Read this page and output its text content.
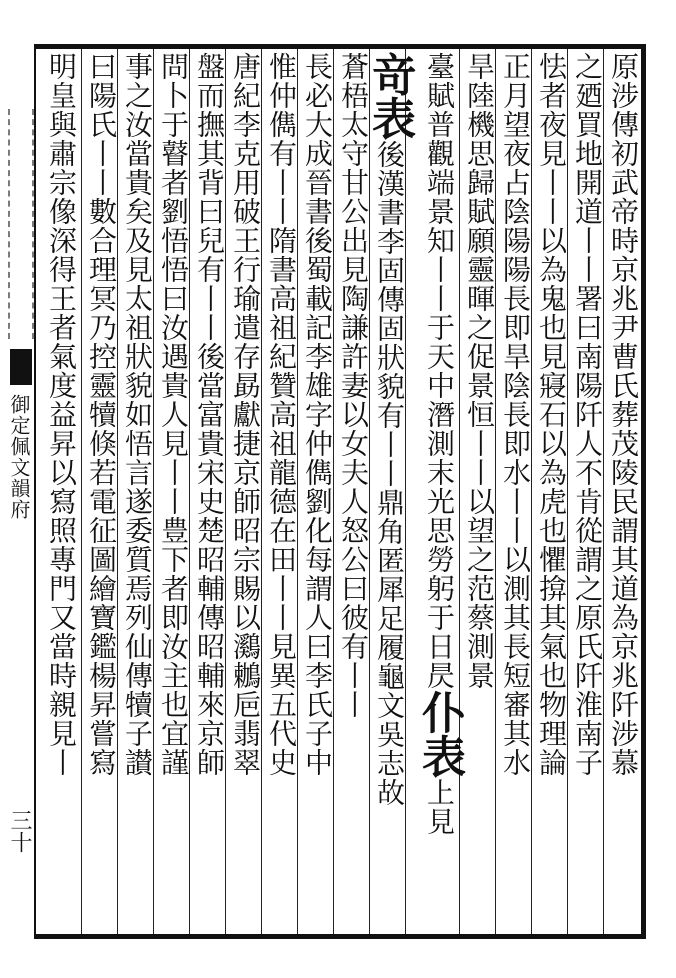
御定佩文韻府
三十
原涉傳初武帝時京兆尹曹氏葬茂陵民謂其道為京兆阡涉慕
之廼買地開道丨丨署曰南陽阡人不肯從謂之原氏阡淮南子
怯者夜見丨丨以為鬼也見寢石以為虎也懼揜其氣也物理論
正月望夜占陰陽陽長即旱陰長即水丨丨以測其長短審其水
旱陸機思歸賦願靈暉之促景恒丨丨以望之范蔡測景
臺賦普觀端景知丨丨于天中潛測末光思勞躬于日昃仆表上見
竒表後漢書李固傳固狀貌有丨丨鼎角匿犀足履龜文吳志故
蒼梧太守甘公出見陶謙許妻以女夫人怒公曰彼有丨丨
長必大成晉書後蜀載記李雄字仲儁劉化每謂人曰李氏子中
惟仲儁有丨丨隋書高祖紀贊高祖龍德在田丨丨見異五代史
唐紀李克用破王行瑜遣存勗獻捷京師昭宗賜以鸂鶒巵翡翠
盤而撫其背曰兒有丨丨後當富貴宋史楚昭輔傳昭輔來京師
問卜于瞽者劉悟悟曰汝遇貴人見丨丨豊下者即汝主也宜謹
事之汝當貴矣及見太祖狀貌如悟言遂委質焉列仙傳犢子讃
曰陽氏丨丨數合理冥乃控靈犢倏若電征圖繪寶鑑楊昇嘗寫
明皇與肅宗像深得王者氣度益昇以寫照專門又當時親見丨
